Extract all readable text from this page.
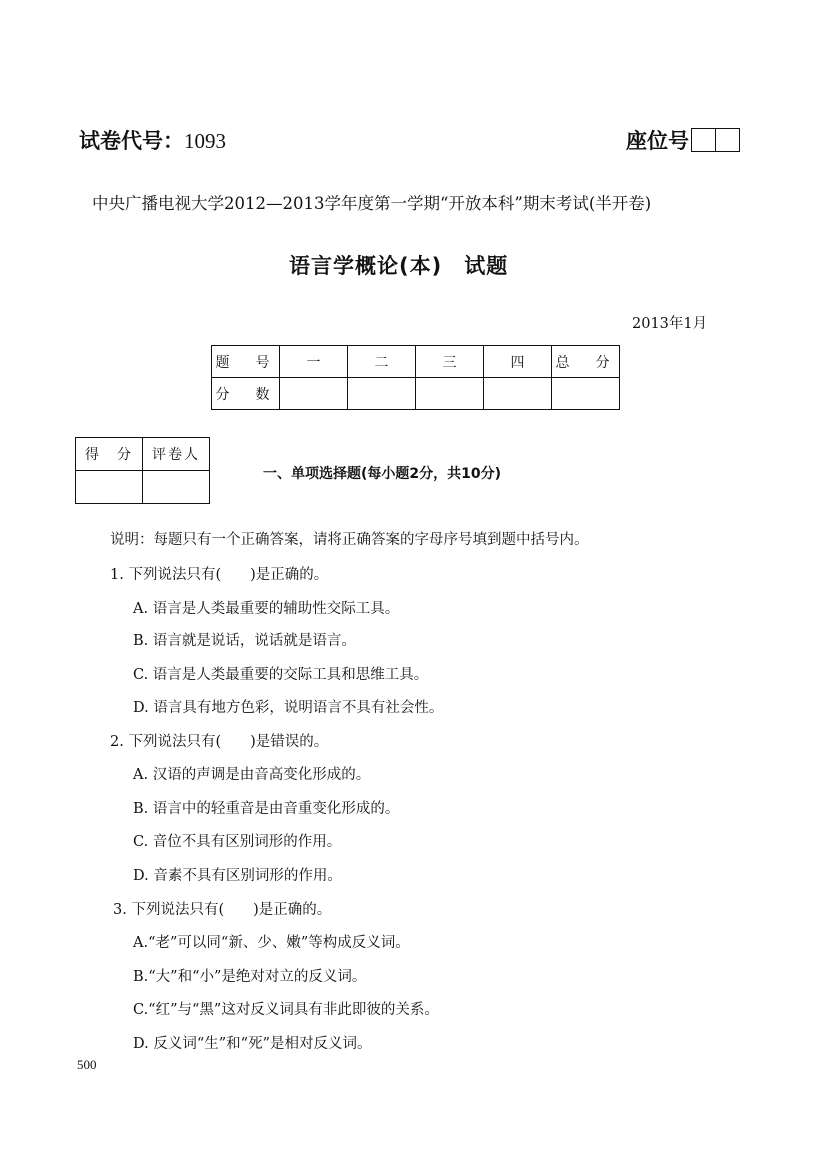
试卷代号：1093	座位号
中央广播电视大学2012—2013学年度第一学期“开放本科”期末考试(半开卷)
语言学概论(本)　试题
2013年1月
题　号	一	二	三	四	总　分
分　数					
得　分	评卷人

一、单项选择题(每小题2分，共10分)
说明：每题只有一个正确答案，请将正确答案的字母序号填到题中括号内。
1. 下列说法只有(　　)是正确的。
A. 语言是人类最重要的辅助性交际工具。
B. 语言就是说话，说话就是语言。
C. 语言是人类最重要的交际工具和思维工具。
D. 语言具有地方色彩，说明语言不具有社会性。
2. 下列说法只有(　　)是错误的。
A. 汉语的声调是由音高变化形成的。
B. 语言中的轻重音是由音重变化形成的。
C. 音位不具有区别词形的作用。
D. 音素不具有区别词形的作用。
3. 下列说法只有(　　)是正确的。
A.“老”可以同“新、少、嫩”等构成反义词。
B.“大”和“小”是绝对对立的反义词。
C.“红”与“黑”这对反义词具有非此即彼的关系。
D. 反义词“生”和“死”是相对反义词。
500
